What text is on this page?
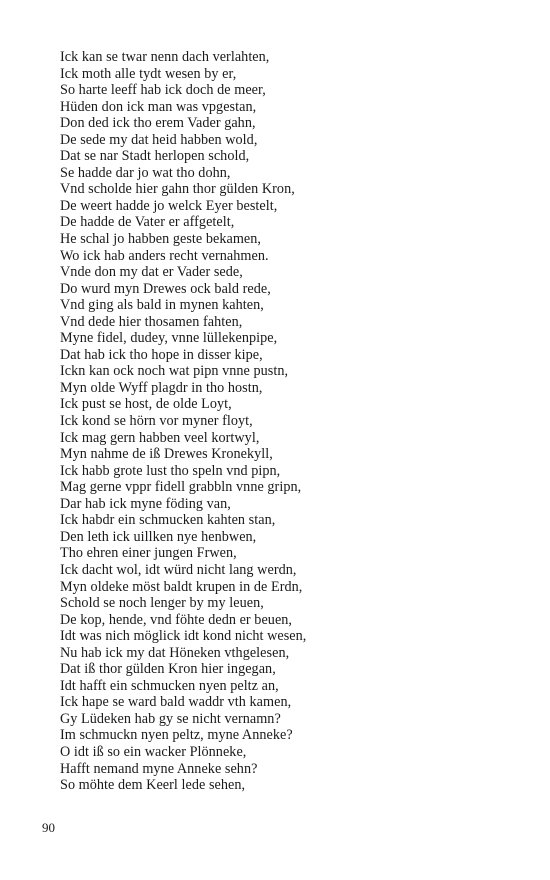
Ick kan se twar nenn dach verlahten,
Ick moth alle tydt wesen by er,
So harte leeff hab ick doch de meer,
Hüden don ick man was vpgestan,
Don ded ick tho erem Vader gahn,
De sede my dat heid habben wold,
Dat se nar Stadt herlopen schold,
Se hadde dar jo wat tho dohn,
Vnd scholde hier gahn thor gülden Kron,
De weert hadde jo welck Eyer bestelt,
De hadde de Vater er affgetelt,
He schal jo habben geste bekamen,
Wo ick hab anders recht vernahmen.
Vnde don my dat er Vader sede,
Do wurd myn Drewes ock bald rede,
Vnd ging als bald in mynen kahten,
Vnd dede hier thosamen fahten,
Myne fidel, dudey, vnne lüllekenpipe,
Dat hab ick tho hope in disser kipe,
Ickn kan ock noch wat pipn vnne pustn,
Myn olde Wyff plagdr in tho hostn,
Ick pust se host, de olde Loyt,
Ick kond se hörn vor myner floyt,
Ick mag gern habben veel kortwyl,
Myn nahme de iß Drewes Kronekyll,
Ick habb grote lust tho speln vnd pipn,
Mag gerne vppr fidell grabbln vnne gripn,
Dar hab ick myne föding van,
Ick habdr ein schmucken kahten stan,
Den leth ick uillken nye henbwen,
Tho ehren einer jungen Frwen,
Ick dacht wol, idt würd nicht lang werdn,
Myn oldeke möst baldt krupen in de Erdn,
Schold se noch lenger by my leuen,
De kop, hende, vnd föhte dedn er beuen,
Idt was nich möglick idt kond nicht wesen,
Nu hab ick my dat Höneken vthgelesen,
Dat iß thor gülden Kron hier ingegan,
Idt hafft ein schmucken nyen peltz an,
Ick hape se ward bald waddr vth kamen,
Gy Lüdeken hab gy se nicht vernamn?
Im schmuckn nyen peltz, myne Anneke?
O idt iß so ein wacker Plönneke,
Hafft nemand myne Anneke sehn?
So möhte dem Keerl lede sehen,
90
